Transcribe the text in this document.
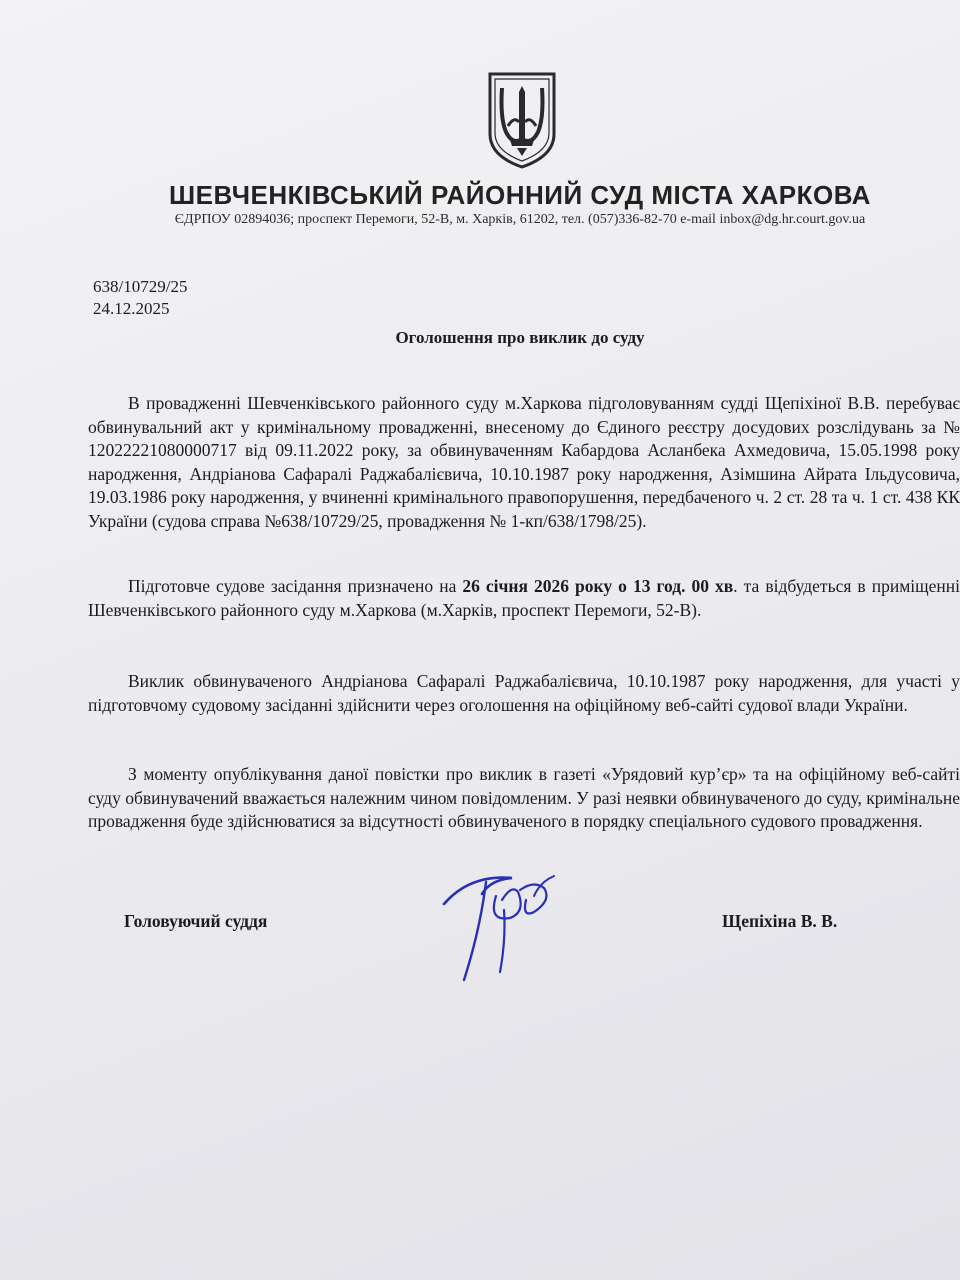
ШЕВЧЕНКІВСЬКИЙ РАЙОННИЙ СУД МІСТА ХАРКОВА

ЄДРПОУ 02894036; проспект Перемоги, 52-В, м. Харків, 61202, тел. (057)336-82-70 e-mail inbox@dg.hr.court.gov.ua

638/10729/25

24.12.2025

Оголошення про виклик до суду

В провадженні Шевченківського районного суду м.Харкова підголовуванням судді Щепіхіної В.В. перебуває обвинувальний акт у кримінальному провадженні, внесеному до Єдиного реєстру досудових розслідувань за № 12022221080000717 від 09.11.2022 року, за обвинуваченням Кабардова Асланбека Ахмедовича, 15.05.1998 року народження, Андріанова Сафаралі Раджабалієвича, 10.10.1987 року народження, Азімшина Айрата Ільдусовича, 19.03.1986 року народження, у вчиненні кримінального правопорушення, передбаченого ч. 2 ст. 28 та ч. 1 ст. 438 КК України (судова справа №638/10729/25, провадження № 1-кп/638/1798/25).

Підготовче судове засідання призначено на 26 січня 2026 року о 13 год. 00 хв. та відбудеться в приміщенні Шевченківського районного суду м.Харкова (м.Харків, проспект Перемоги, 52-В).

Виклик обвинуваченого Андріанова Сафаралі Раджабалієвича, 10.10.1987 року народження, для участі у підготовчому судовому засіданні здійснити через оголошення на офіційному веб-сайті судової влади України.

З моменту опублікування даної повістки про виклик в газеті «Урядовий кур’єр» та на офіційному веб-сайті суду обвинувачений вважається належним чином повідомленим. У разі неявки обвинуваченого до суду, кримінальне провадження буде здійснюватися за відсутності обвинуваченого в порядку спеціального судового провадження.

Головуючий суддя	Щепіхіна В. В.
